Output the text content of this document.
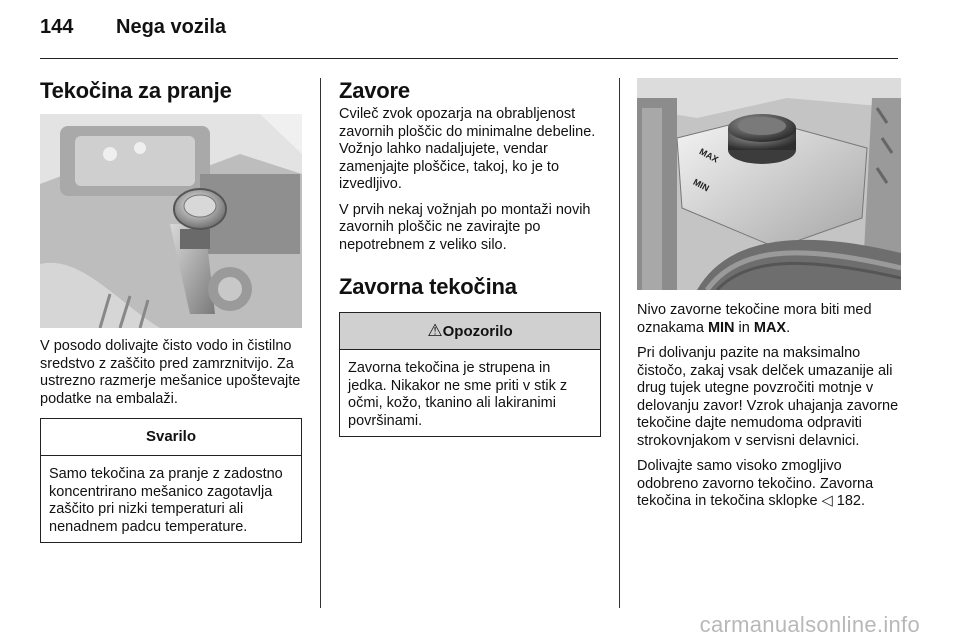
144 Nega vozila
Tekočina za pranje

V posodo dolivajte čisto vodo in čistilno sredstvo z zaščito pred zamrznitvijo. Za ustrezno razmerje mešanice upoštevajte podatke na embalaži.

Svarilo

Samo tekočina za pranje z zadostno koncentrirano mešanico zagotavlja zaščito pri nizki temperaturi ali nenadnem padcu temperature.

Zavore

Cvileč zvok opozarja na obrabljenost zavornih ploščic do minimalne debeline. Vožnjo lahko nadaljujete, vendar zamenjajte ploščice, takoj, ko je to izvedljivo.

V prvih nekaj vožnjah po montaži novih zavornih ploščic ne zavirajte po nepotrebnem z veliko silo.

Zavorna tekočina
⚠Opozorilo

Zavorna tekočina je strupena in jedka. Nikakor ne sme priti v stik z očmi, kožo, tkanino ali lakiranimi površinami.

MAX
MIN

Nivo zavorne tekočine mora biti med oznakama MIN in MAX.

Pri dolivanju pazite na maksimalno čistočo, zakaj vsak delček umazanije ali drug tujek utegne povzročiti motnje v delovanju zavor! Vzrok uhajanja zavorne tekočine dajte nemudoma odpraviti strokovnjakom v servisni delavnici.

Dolivajte samo visoko zmogljivo odobreno zavorno tekočino. Zavorna tekočina in tekočina sklopke ◁ 182.

carmanualsonline.info
